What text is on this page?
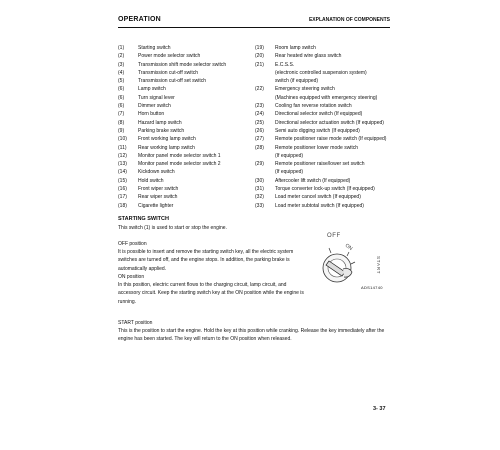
OPERATION	EXPLANATION OF COMPONENTS
(1)	Starting switch
(2)	Power mode selector switch
(3)	Transmission shift mode selector switch
(4)	Transmission cut-off switch
(5)	Transmission cut-off set switch
(6)	Lamp switch
(6)	Turn signal lever
(6)	Dimmer switch
(7)	Horn button
(8)	Hazard lamp switch
(9)	Parking brake switch
(10)	Front working lamp switch
(11)	Rear working lamp switch
(12)	Monitor panel mode selector switch 1
(13)	Monitor panel mode selector switch 2
(14)	Kickdown switch
(15)	Hold switch
(16)	Front wiper switch
(17)	Rear wiper switch
(18)	Cigarette lighter
(19)	Room lamp switch
(20)	Rear heated wire glass switch
(21)	E.C.S.S.
(electronic controlled suspension system)
switch (if equipped)
(22)	Emergency steering switch
(Machines equipped with emergency steering)
(23)	Cooling fan reverse rotation switch
(24)	Directional selector switch (If equipped)
(25)	Directional selector actuation switch (If equipped)
(26)	Semi auto digging switch (If equipped)
(27)	Remote positioner raise mode switch (If equipped)
(28)	Remote positioner lower mode switch
(If equipped)
(29)	Remote positioner raise/lower set switch
(If equipped)
(30)	Aftercooler lift switch (If equipped)
(31)	Torque converter lock-up switch (If equipped)
(32)	Load meter cancel switch (If equipped)
(33)	Load meter subtotal switch (If equipped)
STARTING SWITCH
This switch (1) is used to start or stop the engine.
OFF position
It is possible to insert and remove the starting switch key, all the electric system switches are turned off, and the engine stops. In addition, the parking brake is automatically applied.
ON position
In this position, electric current flows to the charging circuit, lamp circuit, and accessory circuit. Keep the starting switch key at the ON position while the engine is running.
START position
This is the position to start the engine. Hold the key at this position while cranking. Release the key immediately after the engine has been started. The key will return to the ON position when released.
OFF
ON
START
ADS14740
3- 37
